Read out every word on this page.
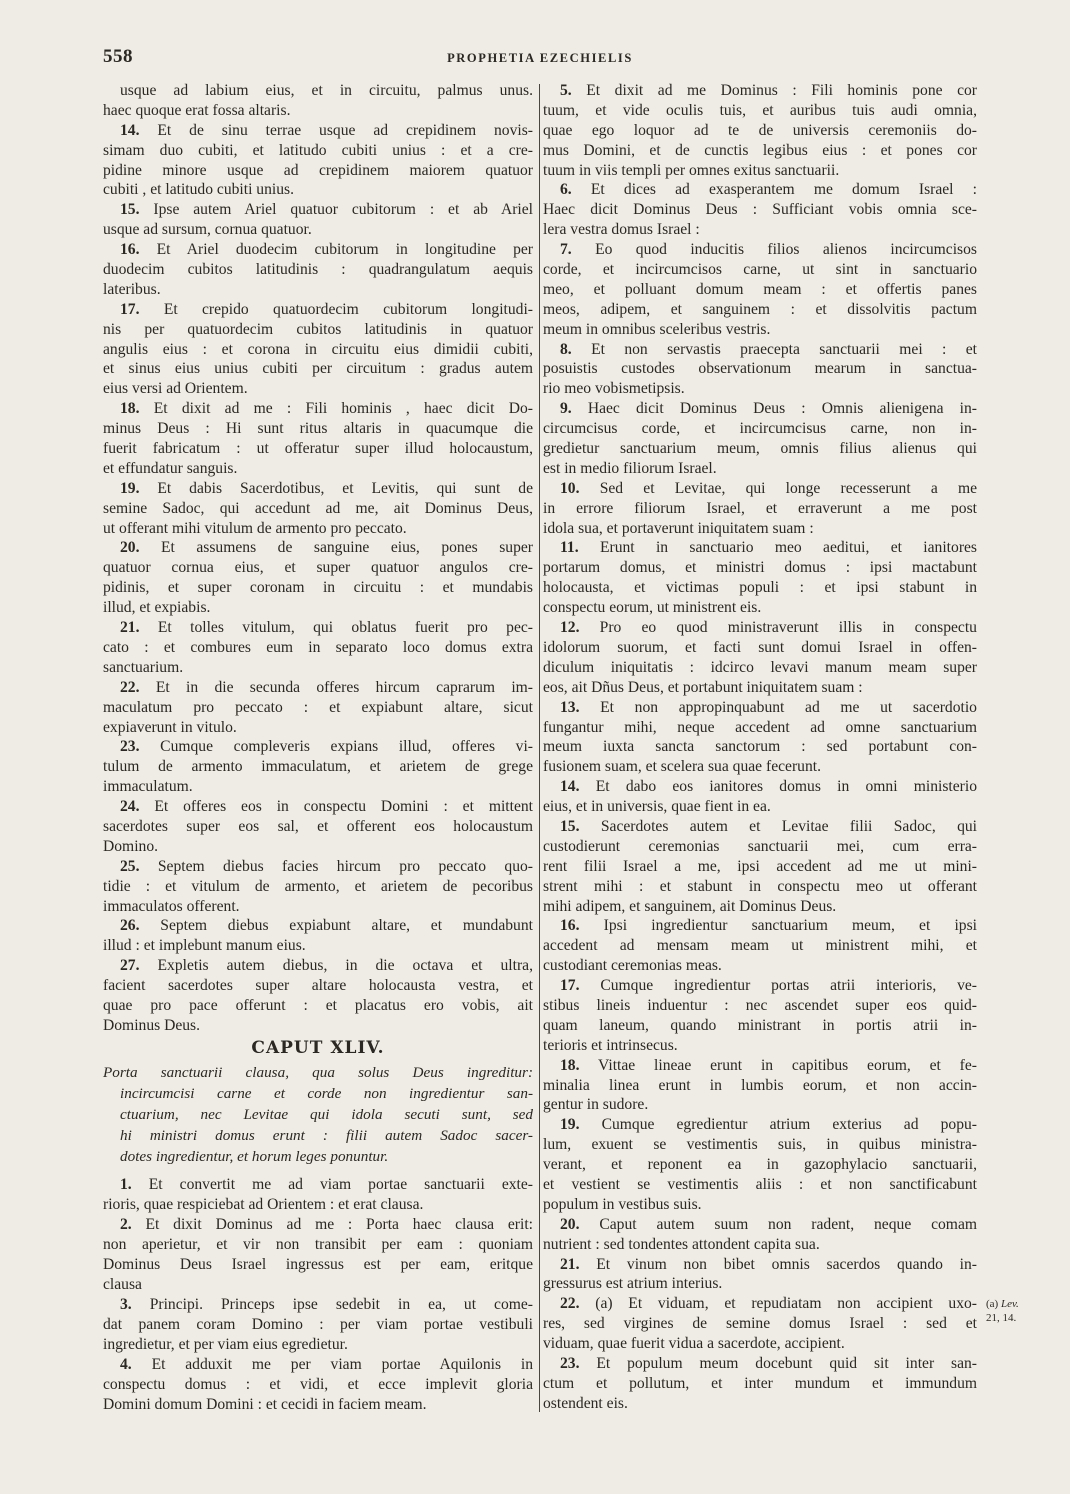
558	PROPHETIA EZECHIELIS
usque ad labium eius, et in circuitu, palmus unus.
haec quoque erat fossa altaris.
14. Et de sinu terrae usque ad crepidinem novis-
simam duo cubiti, et latitudo cubiti unius : et a cre-
pidine minore usque ad crepidinem maiorem quatuor
cubiti , et latitudo cubiti unius.
15. Ipse autem Ariel quatuor cubitorum : et ab Ariel
usque ad sursum, cornua quatuor.
16. Et Ariel duodecim cubitorum in longitudine per
duodecim cubitos latitudinis : quadrangulatum aequis
lateribus.
17. Et crepido quatuordecim cubitorum longitudi-
nis per quatuordecim cubitos latitudinis in quatuor
angulis eius : et corona in circuitu eius dimidii cubiti,
et sinus eius unius cubiti per circuitum : gradus autem
eius versi ad Orientem.
18. Et dixit ad me : Fili hominis , haec dicit Do-
minus Deus : Hi sunt ritus altaris in quacumque die
fuerit fabricatum : ut offeratur super illud holocaustum,
et effundatur sanguis.
19. Et dabis Sacerdotibus, et Levitis, qui sunt de
semine Sadoc, qui accedunt ad me, ait Dominus Deus,
ut offerant mihi vitulum de armento pro peccato.
20. Et assumens de sanguine eius, pones super
quatuor cornua eius, et super quatuor angulos cre-
pidinis, et super coronam in circuitu : et mundabis
illud, et expiabis.
21. Et tolles vitulum, qui oblatus fuerit pro pec-
cato : et combures eum in separato loco domus extra
sanctuarium.
22. Et in die secunda offeres hircum caprarum im-
maculatum pro peccato : et expiabunt altare, sicut
expiaverunt in vitulo.
23. Cumque compleveris expians illud, offeres vi-
tulum de armento immaculatum, et arietem de grege
immaculatum.
24. Et offeres eos in conspectu Domini : et mittent
sacerdotes super eos sal, et offerent eos holocaustum
Domino.
25. Septem diebus facies hircum pro peccato quo-
tidie : et vitulum de armento, et arietem de pecoribus
immaculatos offerent.
26. Septem diebus expiabunt altare, et mundabunt
illud : et implebunt manum eius.
27. Expletis autem diebus, in die octava et ultra,
facient sacerdotes super altare holocausta vestra, et
quae pro pace offerunt : et placatus ero vobis, ait
Dominus Deus.
CAPUT XLIV.
Porta sanctuarii clausa, qua solus Deus ingreditur:
incircumcisi carne et corde non ingredientur san-
ctuarium, nec Levitae qui idola secuti sunt, sed
hi ministri domus erunt : filii autem Sadoc sacer-
dotes ingredientur, et horum leges ponuntur.
1. Et convertit me ad viam portae sanctuarii exte-
rioris, quae respiciebat ad Orientem : et erat clausa.
2. Et dixit Dominus ad me : Porta haec clausa erit:
non aperietur, et vir non transibit per eam : quoniam
Dominus Deus Israel ingressus est per eam, eritque
clausa
3. Principi. Princeps ipse sedebit in ea, ut come-
dat panem coram Domino : per viam portae vestibuli
ingredietur, et per viam eius egredietur.
4. Et adduxit me per viam portae Aquilonis in
conspectu domus : et vidi, et ecce implevit gloria
Domini domum Domini : et cecidi in faciem meam.
5. Et dixit ad me Dominus : Fili hominis pone cor
tuum, et vide oculis tuis, et auribus tuis audi omnia,
quae ego loquor ad te de universis ceremoniis do-
mus Domini, et de cunctis legibus eius : et pones cor
tuum in viis templi per omnes exitus sanctuarii.
6. Et dices ad exasperantem me domum Israel :
Haec dicit Dominus Deus : Sufficiant vobis omnia sce-
lera vestra domus Israel :
7. Eo quod inducitis filios alienos incircumcisos
corde, et incircumcisos carne, ut sint in sanctuario
meo, et polluant domum meam : et offertis panes
meos, adipem, et sanguinem : et dissolvitis pactum
meum in omnibus sceleribus vestris.
8. Et non servastis praecepta sanctuarii mei : et
posuistis custodes observationum mearum in sanctua-
rio meo vobismetipsis.
9. Haec dicit Dominus Deus : Omnis alienigena in-
circumcisus corde, et incircumcisus carne, non in-
gredietur sanctuarium meum, omnis filius alienus qui
est in medio filiorum Israel.
10. Sed et Levitae, qui longe recesserunt a me
in errore filiorum Israel, et erraverunt a me post
idola sua, et portaverunt iniquitatem suam :
11. Erunt in sanctuario meo aeditui, et ianitores
portarum domus, et ministri domus : ipsi mactabunt
holocausta, et victimas populi : et ipsi stabunt in
conspectu eorum, ut ministrent eis.
12. Pro eo quod ministraverunt illis in conspectu
idolorum suorum, et facti sunt domui Israel in offen-
diculum iniquitatis : idcirco levavi manum meam super
eos, ait Dñus Deus, et portabunt iniquitatem suam :
13. Et non appropinquabunt ad me ut sacerdotio
fungantur mihi, neque accedent ad omne sanctuarium
meum iuxta sancta sanctorum : sed portabunt con-
fusionem suam, et scelera sua quae fecerunt.
14. Et dabo eos ianitores domus in omni ministerio
eius, et in universis, quae fient in ea.
15. Sacerdotes autem et Levitae filii Sadoc, qui
custodierunt ceremonias sanctuarii mei, cum erra-
rent filii Israel a me, ipsi accedent ad me ut mini-
strent mihi : et stabunt in conspectu meo ut offerant
mihi adipem, et sanguinem, ait Dominus Deus.
16. Ipsi ingredientur sanctuarium meum, et ipsi
accedent ad mensam meam ut ministrent mihi, et
custodiant ceremonias meas.
17. Cumque ingredientur portas atrii interioris, ve-
stibus lineis induentur : nec ascendet super eos quid-
quam laneum, quando ministrant in portis atrii in-
terioris et intrinsecus.
18. Vittae lineae erunt in capitibus eorum, et fe-
minalia linea erunt in lumbis eorum, et non accin-
gentur in sudore.
19. Cumque egredientur atrium exterius ad popu-
lum, exuent se vestimentis suis, in quibus ministra-
verant, et reponent ea in gazophylacio sanctuarii,
et vestient se vestimentis aliis : et non sanctificabunt
populum in vestibus suis.
20. Caput autem suum non radent, neque comam
nutrient : sed tondentes attondent capita sua.
21. Et vinum non bibet omnis sacerdos quando in-
gressurus est atrium interius.
22. (a) Et viduam, et repudiatam non accipient uxo-
res, sed virgines de semine domus Israel : sed et
viduam, quae fuerit vidua a sacerdote, accipient.
23. Et populum meum docebunt quid sit inter san-
ctum et pollutum, et inter mundum et immundum
ostendent eis.
(a) Lev.
21, 14.
